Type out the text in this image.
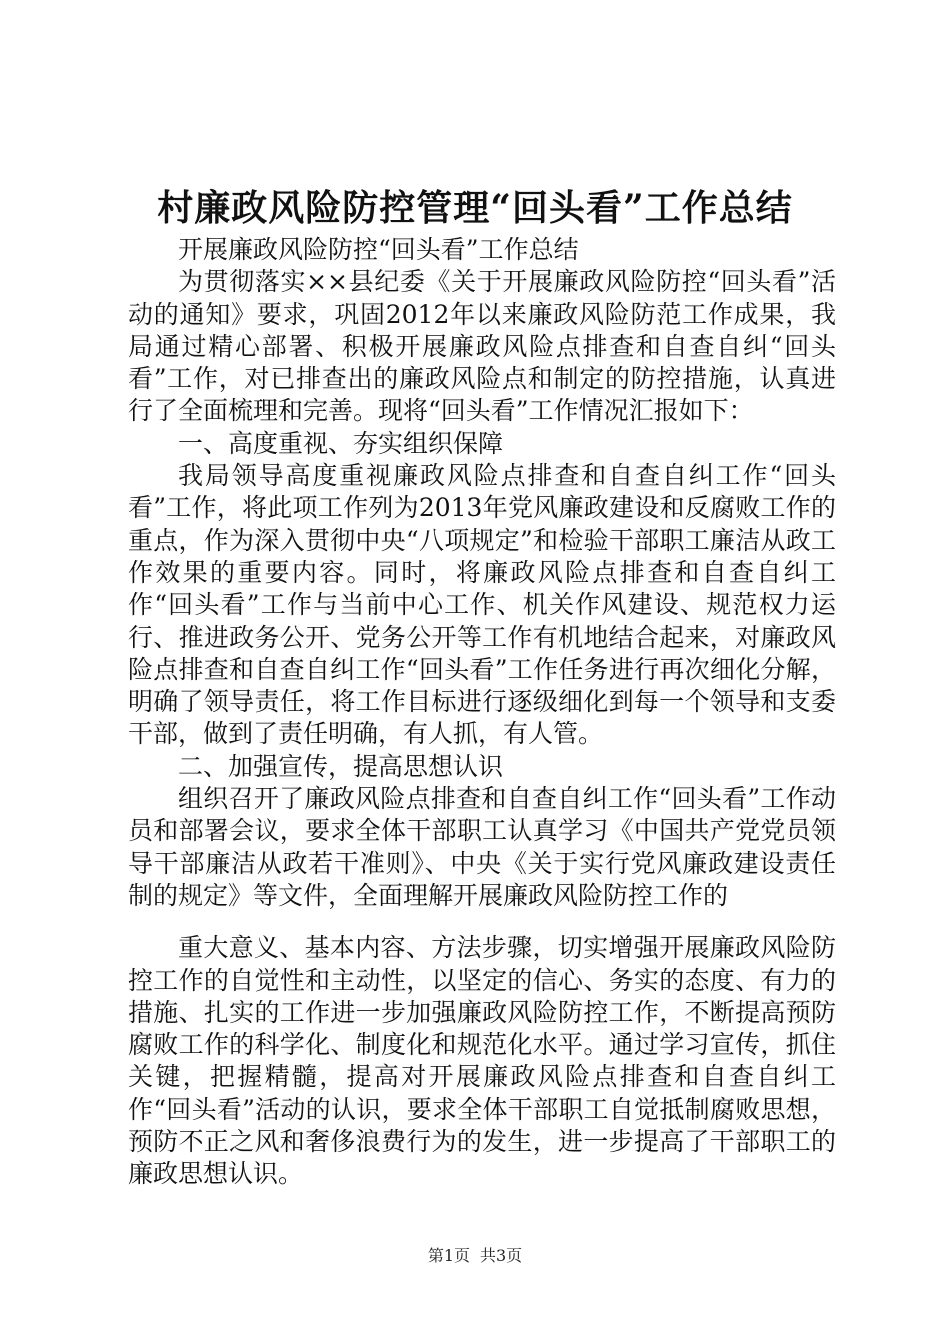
村廉政风险防控管理“回头看”工作总结

开展廉政风险防控“回头看”工作总结

为贯彻落实××县纪委《关于开展廉政风险防控“回头看”活动的通知》要求，巩固2012年以来廉政风险防范工作成果，我局通过精心部署、积极开展廉政风险点排查和自查自纠“回头看”工作，对已排查出的廉政风险点和制定的防控措施，认真进行了全面梳理和完善。现将“回头看”工作情况汇报如下：

一、高度重视、夯实组织保障

我局领导高度重视廉政风险点排查和自查自纠工作“回头看”工作，将此项工作列为2013年党风廉政建设和反腐败工作的重点，作为深入贯彻中央“八项规定”和检验干部职工廉洁从政工作效果的重要内容。同时，将廉政风险点排查和自查自纠工作“回头看”工作与当前中心工作、机关作风建设、规范权力运行、推进政务公开、党务公开等工作有机地结合起来，对廉政风险点排查和自查自纠工作“回头看”工作任务进行再次细化分解，明确了领导责任，将工作目标进行逐级细化到每一个领导和支委干部，做到了责任明确，有人抓，有人管。

二、加强宣传，提高思想认识

组织召开了廉政风险点排查和自查自纠工作“回头看”工作动员和部署会议，要求全体干部职工认真学习《中国共产党党员领导干部廉洁从政若干准则》、中央《关于实行党风廉政建设责任制的规定》等文件，全面理解开展廉政风险防控工作的

重大意义、基本内容、方法步骤，切实增强开展廉政风险防控工作的自觉性和主动性，以坚定的信心、务实的态度、有力的措施、扎实的工作进一步加强廉政风险防控工作，不断提高预防腐败工作的科学化、制度化和规范化水平。通过学习宣传，抓住关键，把握精髓，提高对开展廉政风险点排查和自查自纠工作“回头看”活动的认识，要求全体干部职工自觉抵制腐败思想，预防不正之风和奢侈浪费行为的发生，进一步提高了干部职工的廉政思想认识。

第1页 共3页
